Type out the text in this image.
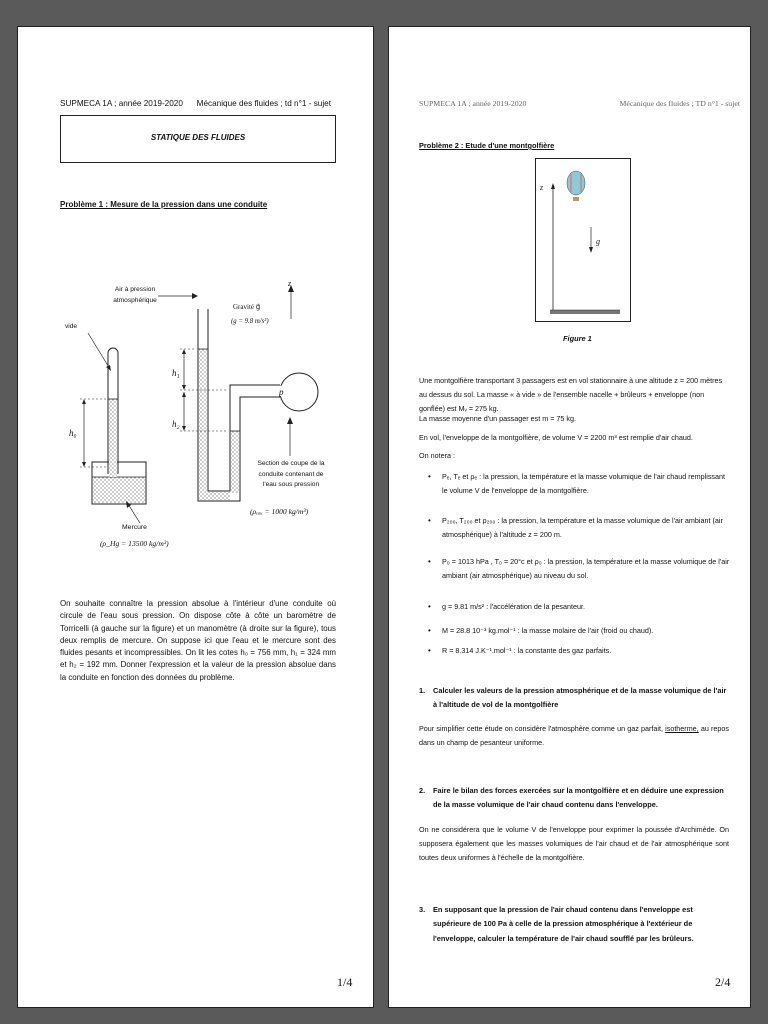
SUPMECA 1A ; année 2019-2020 Mécanique des fluides ; td n°1 - sujet
STATIQUE DES FLUIDES
Problème 1 : Mesure de la pression dans une conduite
Air à pression
atmosphérique
vide
Gravité g⃗
(g = 9.8 m/s²)
z
h₀
h₁
h₂
p
Section de coupe de la
conduite contenant de
l'eau sous pression
(ρₑₐᵤ = 1000 kg/m³)
Mercure
(ρ_Hg = 13500 kg/m³)
On souhaite connaître la pression absolue à l'intérieur d'une conduite où circule de l'eau sous pression. On dispose côte à côte un baromètre de Torricelli (à gauche sur la figure) et un manomètre (à droite sur la figure), tous deux remplis de mercure. On suppose ici que l'eau et le mercure sont des fluides pesants et incompressibles. On lit les cotes h₀ = 756 mm, h₁ = 324 mm et h₂ = 192 mm. Donner l'expression et la valeur de la pression absolue dans la conduite en fonction des données du problème.
1/4
SUPMECA 1A ; année 2019-2020	Mécanique des fluides ; TD n°1 - sujet
Problème 2 : Etude d'une montgolfière
z
g⃗
Figure 1
Une montgolfière transportant 3 passagers est en vol stationnaire à une altitude z = 200 mètres au dessus du sol. La masse « à vide » de l'ensemble nacelle + brûleurs + enveloppe (non gonflée) est Mᵥ = 275 kg.
La masse moyenne d'un passager est m = 75 kg.
En vol, l'enveloppe de la montgolfière, de volume V = 2200 m³ est remplie d'air chaud.
On notera :
• Pₑ, Tₑ et ρₑ : la pression, la température et la masse volumique de l'air chaud remplissant le volume V de l'enveloppe de la montgolfière.
• P₂₀₀, T₂₀₀ et ρ₂₀₀ : la pression, la température et la masse volumique de l'air ambiant (air atmosphérique) à l'altitude z = 200 m.
• P₀ = 1013 hPa , T₀ = 20°c et ρ₀ : la pression, la température et la masse volumique de l'air ambiant (air atmosphérique) au niveau du sol.
• g = 9.81 m/s² : l'accélération de la pesanteur.
• M = 28.8 10⁻³ kg.mol⁻¹ : la masse molaire de l'air (froid ou chaud).
• R = 8.314 J.K⁻¹.mol⁻¹ : la constante des gaz parfaits.
1. Calculer les valeurs de la pression atmosphérique et de la masse volumique de l'air à l'altitude de vol de la montgolfière
Pour simplifier cette étude on considère l'atmosphère comme un gaz parfait, isotherme, au repos dans un champ de pesanteur uniforme.
2. Faire le bilan des forces exercées sur la montgolfière et en déduire une expression de la masse volumique de l'air chaud contenu dans l'enveloppe.
On ne considérera que le volume V de l'enveloppe pour exprimer la poussée d'Archimède. On supposera également que les masses volumiques de l'air chaud et de l'air atmosphérique sont toutes deux uniformes à l'échelle de la montgolfière.
3. En supposant que la pression de l'air chaud contenu dans l'enveloppe est supérieure de 100 Pa à celle de la pression atmosphérique à l'extérieur de l'enveloppe, calculer la température de l'air chaud soufflé par les brûleurs.
2/4
